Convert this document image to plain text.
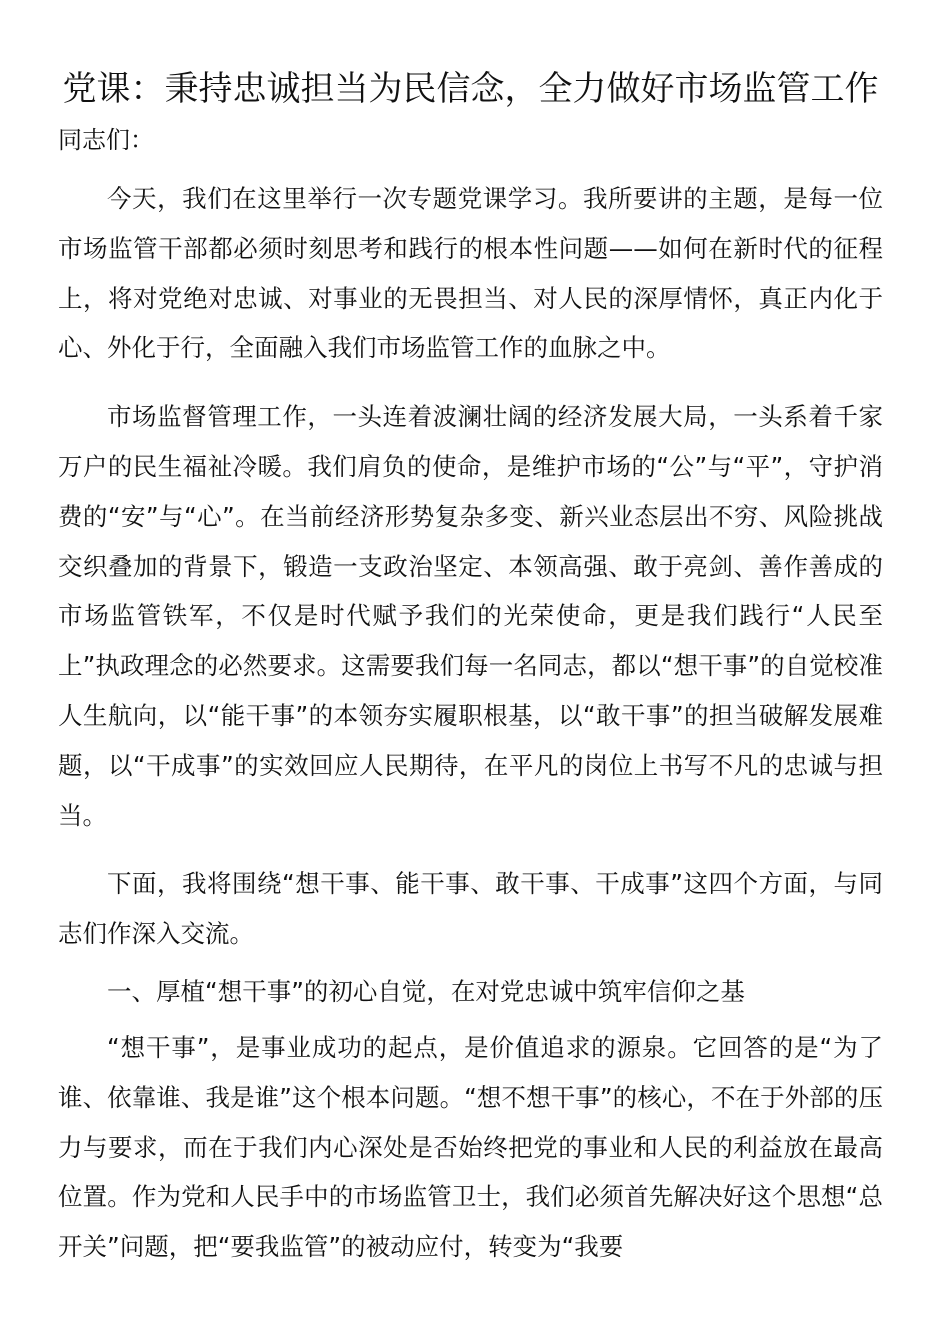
党课：秉持忠诚担当为民信念，全力做好市场监管工作

同志们：

今天，我们在这里举行一次专题党课学习。我所要讲的主题，是每一位市场监管干部都必须时刻思考和践行的根本性问题——如何在新时代的征程上，将对党绝对忠诚、对事业的无畏担当、对人民的深厚情怀，真正内化于心、外化于行，全面融入我们市场监管工作的血脉之中。

市场监督管理工作，一头连着波澜壮阔的经济发展大局，一头系着千家万户的民生福祉冷暖。我们肩负的使命，是维护市场的“公”与“平”，守护消费的“安”与“心”。在当前经济形势复杂多变、新兴业态层出不穷、风险挑战交织叠加的背景下，锻造一支政治坚定、本领高强、敢于亮剑、善作善成的市场监管铁军，不仅是时代赋予我们的光荣使命，更是我们践行“人民至上”执政理念的必然要求。这需要我们每一名同志，都以“想干事”的自觉校准人生航向，以“能干事”的本领夯实履职根基，以“敢干事”的担当破解发展难题，以“干成事”的实效回应人民期待，在平凡的岗位上书写不凡的忠诚与担当。

下面，我将围绕“想干事、能干事、敢干事、干成事”这四个方面，与同志们作深入交流。

一、厚植“想干事”的初心自觉，在对党忠诚中筑牢信仰之基

“想干事”，是事业成功的起点，是价值追求的源泉。它回答的是“为了谁、依靠谁、我是谁”这个根本问题。“想不想干事”的核心，不在于外部的压力与要求，而在于我们内心深处是否始终把党的事业和人民的利益放在最高位置。作为党和人民手中的市场监管卫士，我们必须首先解决好这个思想“总开关”问题，把“要我监管”的被动应付，转变为“我要
